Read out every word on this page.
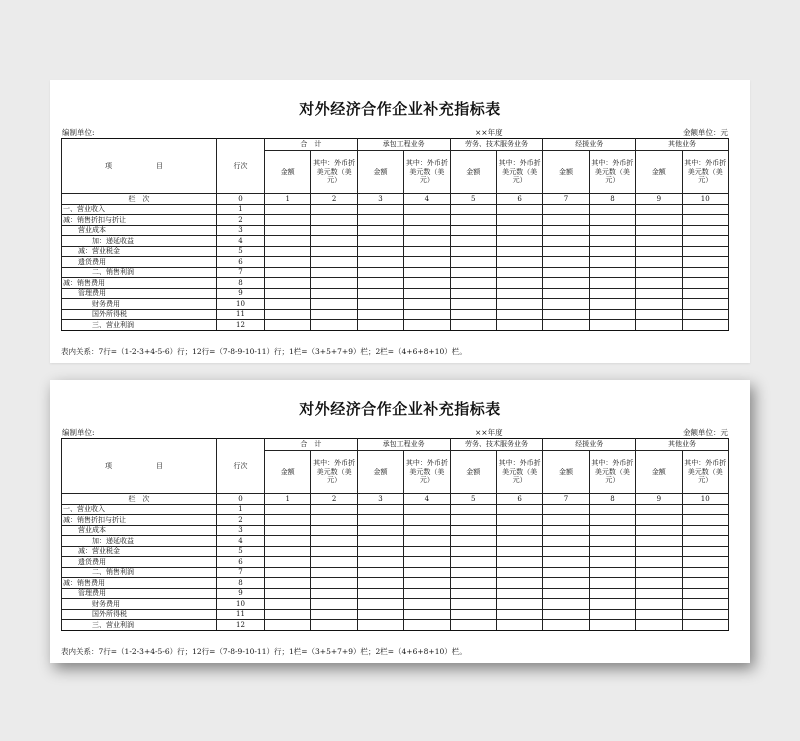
对外经济合作企业补充指标表
编制单位:	××年度	金额单位：元
项　　目	行次	合　计		承包工程业务		劳务、技术服务业务		经援业务		其他业务	
		金额	其中：外币折美元数（美元）	金额	其中：外币折美元数（美元）	金额	其中：外币折美元数（美元）	金额	其中：外币折美元数（美元）	金额	其中：外币折美元数（美元）
栏　次	0	1	2	3	4	5	6	7	8	9	10
一、营业收入	1										
减：销售折扣与折让	2										
营业成本	3										
加：递延收益	4										
减：营业税金	5										
遗货费用	6										
二、销售利润	7										
减：销售费用	8										
管理费用	9										
财务费用	10										
国外所得税	11										
三、营业利润	12										
表内关系：7行=（1-2-3+4-5-6）行；12行=（7-8-9-10-11）行；1栏=（3+5+7+9）栏；2栏=（4+6+8+10）栏。
对外经济合作企业补充指标表
编制单位:	××年度	金额单位：元
项　　目	行次	合　计		承包工程业务		劳务、技术服务业务		经援业务		其他业务	
		金额	其中：外币折美元数（美元）	金额	其中：外币折美元数（美元）	金额	其中：外币折美元数（美元）	金额	其中：外币折美元数（美元）	金额	其中：外币折美元数（美元）
栏　次	0	1	2	3	4	5	6	7	8	9	10
一、营业收入	1										
减：销售折扣与折让	2										
营业成本	3										
加：递延收益	4										
减：营业税金	5										
遗货费用	6										
二、销售利润	7										
减：销售费用	8										
管理费用	9										
财务费用	10										
国外所得税	11										
三、营业利润	12										
表内关系：7行=（1-2-3+4-5-6）行；12行=（7-8-9-10-11）行；1栏=（3+5+7+9）栏；2栏=（4+6+8+10）栏。
